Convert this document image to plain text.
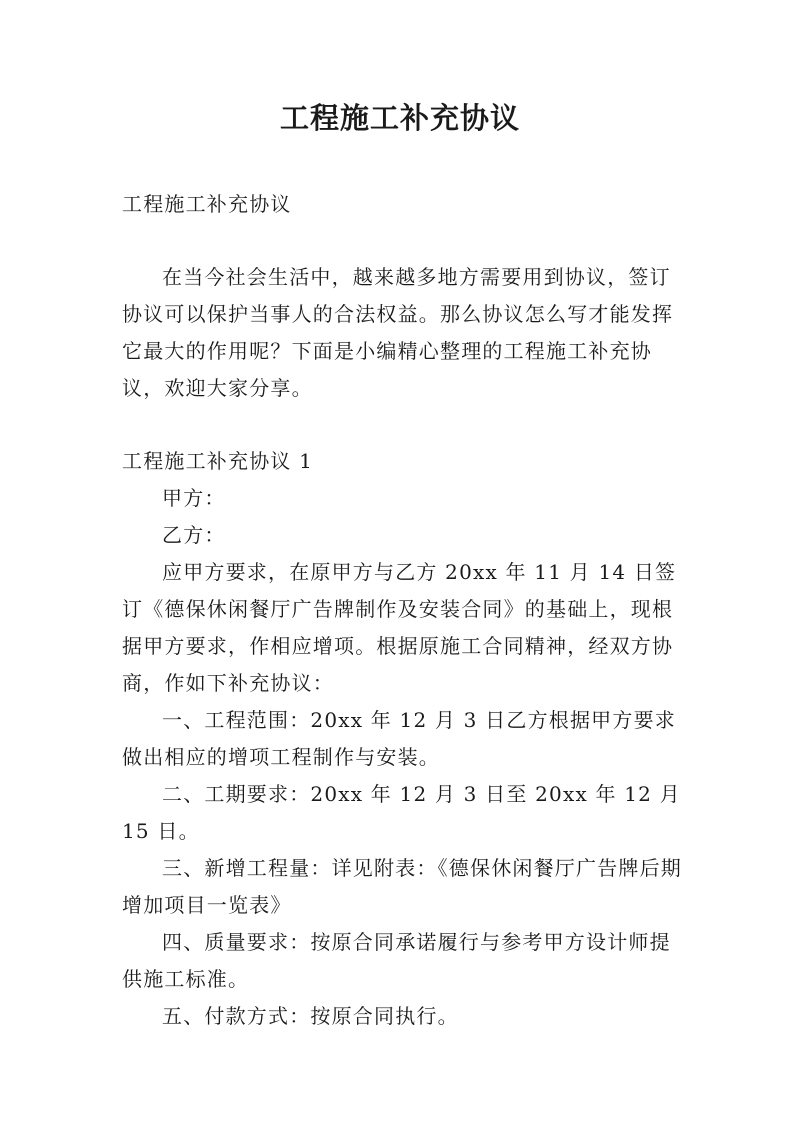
工程施工补充协议

工程施工补充协议

在当今社会生活中，越来越多地方需要用到协议，签订协议可以保护当事人的合法权益。那么协议怎么写才能发挥它最大的作用呢？下面是小编精心整理的工程施工补充协议，欢迎大家分享。

工程施工补充协议 1

甲方：

乙方：

应甲方要求，在原甲方与乙方 20xx 年 11 月 14 日签订《德保休闲餐厅广告牌制作及安装合同》的基础上，现根据甲方要求，作相应增项。根据原施工合同精神，经双方协商，作如下补充协议：

一、工程范围：20xx 年 12 月 3 日乙方根据甲方要求做出相应的增项工程制作与安装。

二、工期要求：20xx 年 12 月 3 日至 20xx 年 12 月 15 日。

三、新增工程量：详见附表：《德保休闲餐厅广告牌后期增加项目一览表》

四、质量要求：按原合同承诺履行与参考甲方设计师提供施工标准。

五、付款方式：按原合同执行。
